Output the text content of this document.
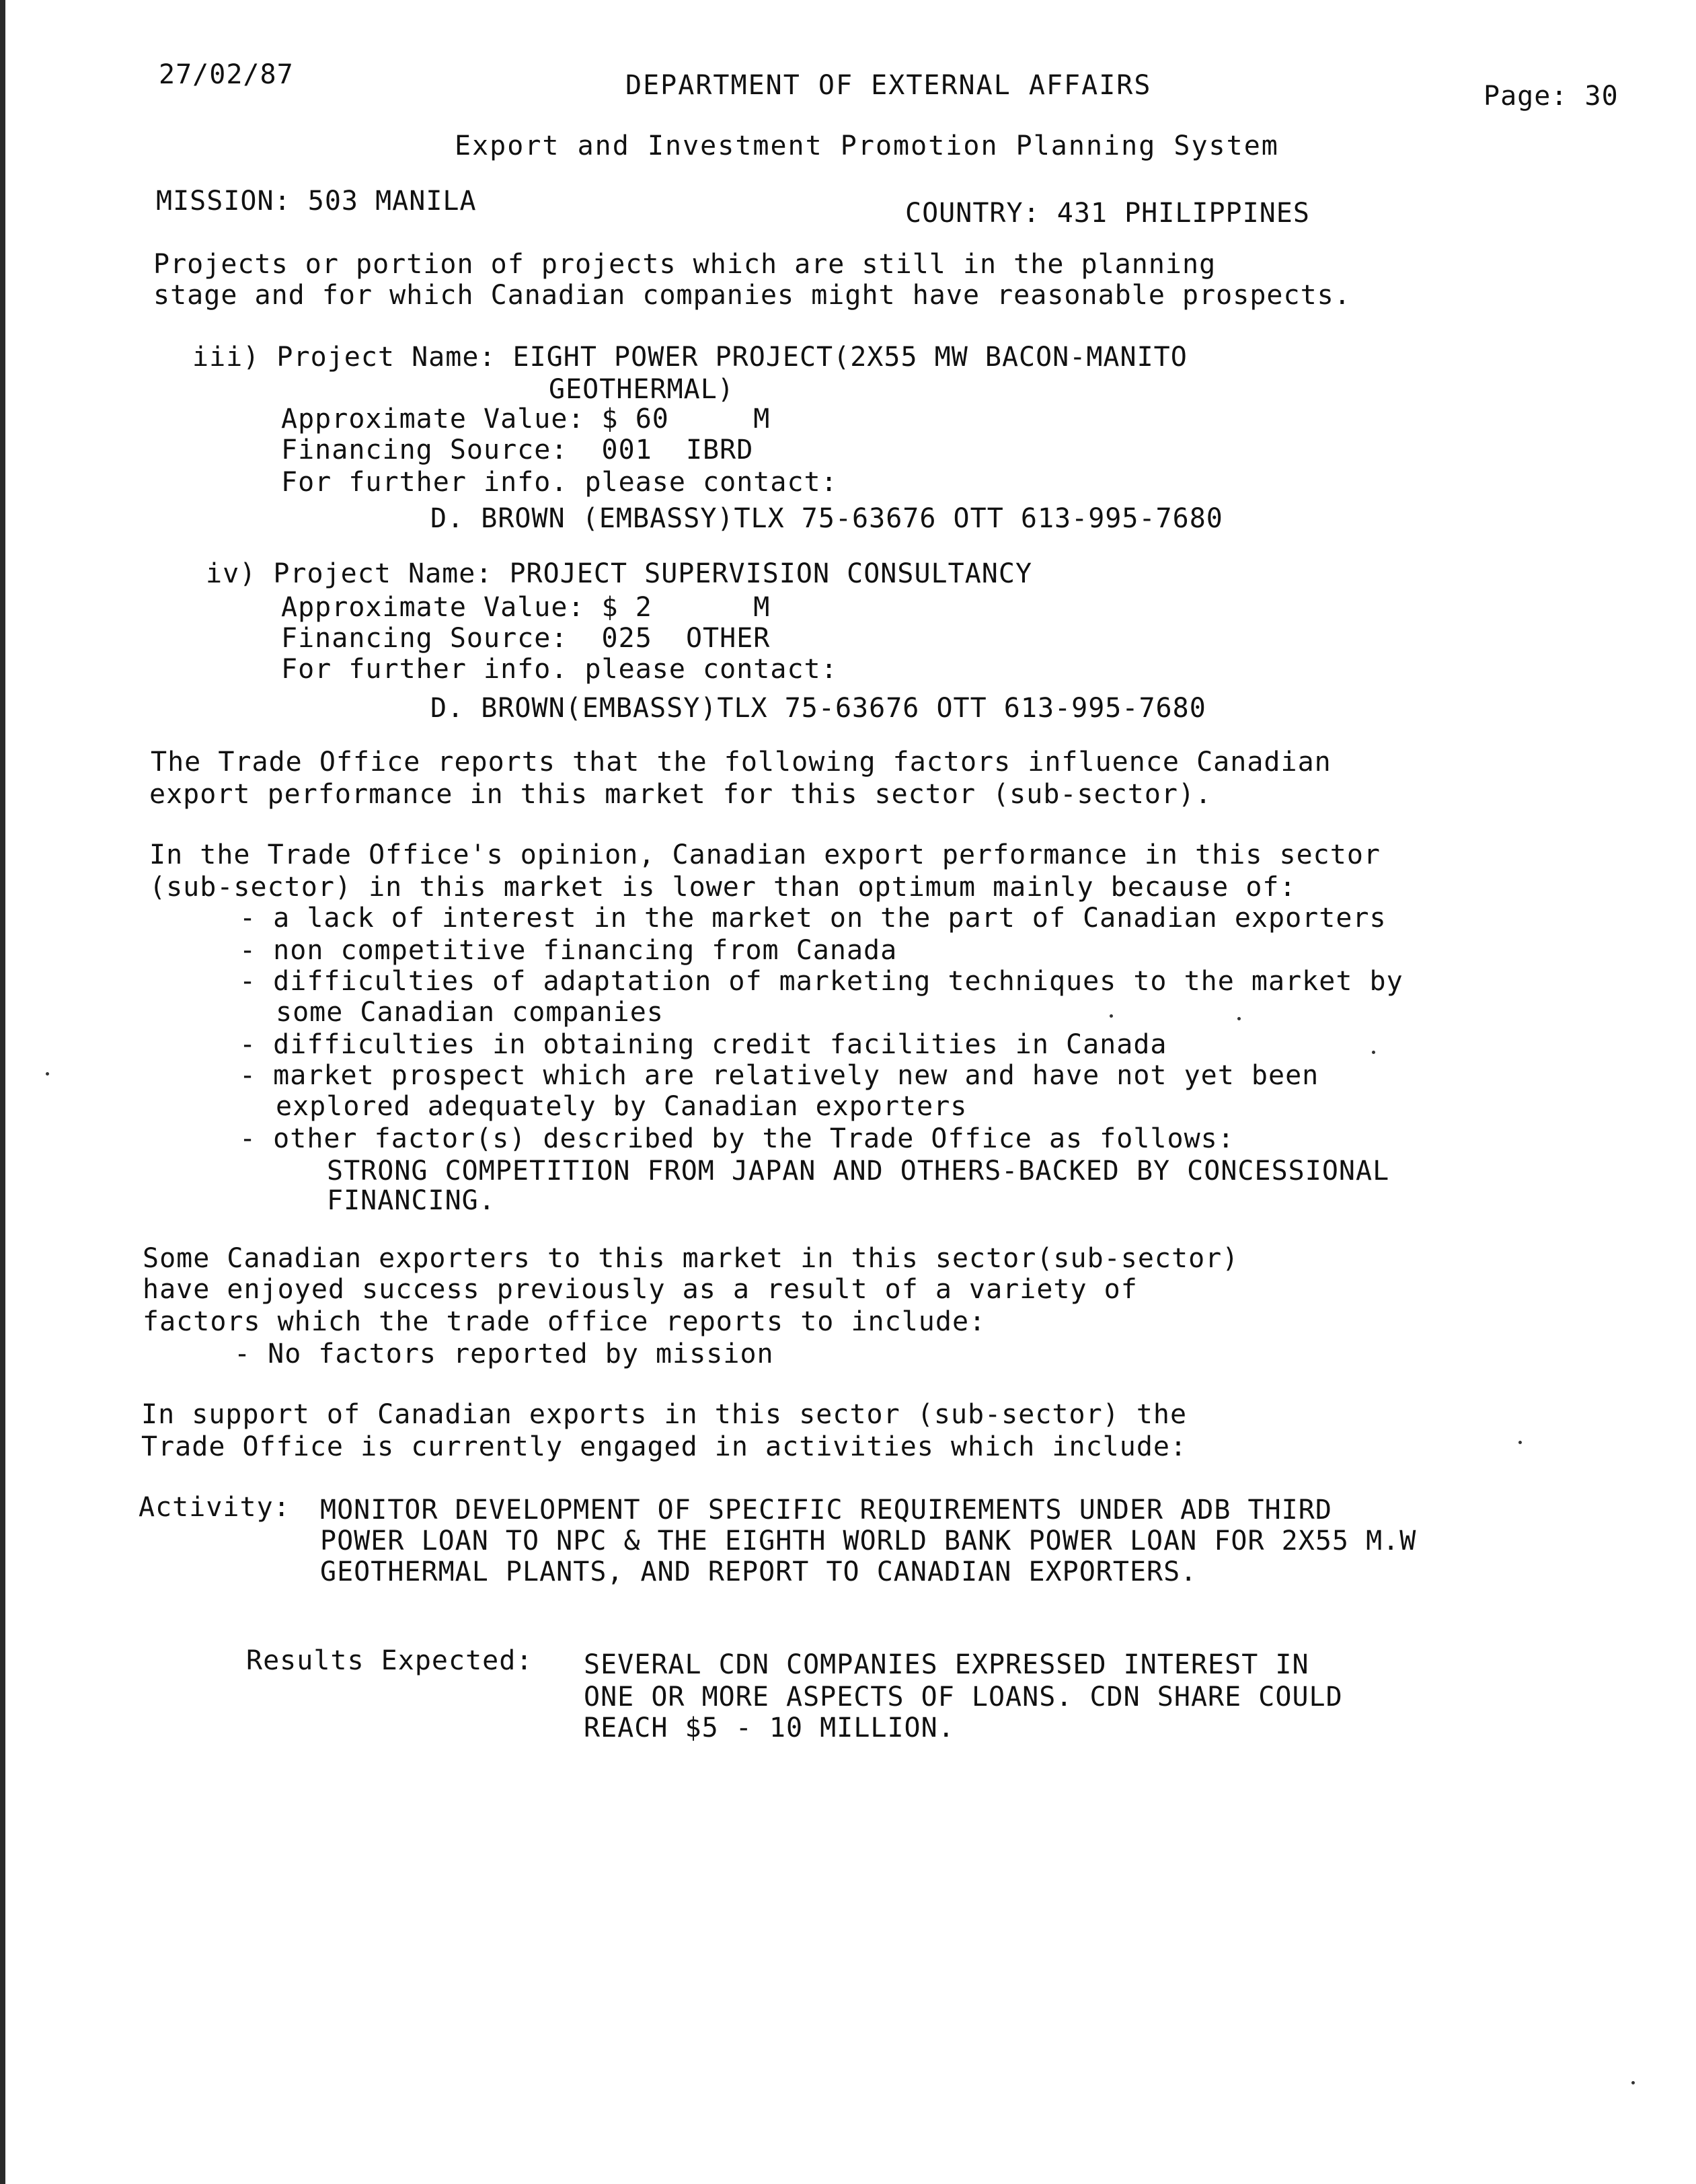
27/02/87	DEPARTMENT OF EXTERNAL AFFAIRS	Page: 30
Export and Investment Promotion Planning System
MISSION: 503 MANILA	COUNTRY: 431 PHILIPPINES
Projects or portion of projects which are still in the planning
stage and for which Canadian companies might have reasonable prospects.
iii) Project Name: EIGHT POWER PROJECT(2X55 MW BACON-MANITO
GEOTHERMAL)
Approximate Value: $ 60     M
Financing Source:  001  IBRD
For further info. please contact:
D. BROWN (EMBASSY)TLX 75-63676 OTT 613-995-7680
iv) Project Name: PROJECT SUPERVISION CONSULTANCY
Approximate Value: $ 2      M
Financing Source:  025  OTHER
For further info. please contact:
D. BROWN(EMBASSY)TLX 75-63676 OTT 613-995-7680
The Trade Office reports that the following factors influence Canadian
export performance in this market for this sector (sub-sector).
In the Trade Office's opinion, Canadian export performance in this sector
(sub-sector) in this market is lower than optimum mainly because of:
- a lack of interest in the market on the part of Canadian exporters
- non competitive financing from Canada
- difficulties of adaptation of marketing techniques to the market by
some Canadian companies
- difficulties in obtaining credit facilities in Canada
- market prospect which are relatively new and have not yet been
explored adequately by Canadian exporters
- other factor(s) described by the Trade Office as follows:
STRONG COMPETITION FROM JAPAN AND OTHERS-BACKED BY CONCESSIONAL
FINANCING.
Some Canadian exporters to this market in this sector(sub-sector)
have enjoyed success previously as a result of a variety of
factors which the trade office reports to include:
- No factors reported by mission
In support of Canadian exports in this sector (sub-sector) the
Trade Office is currently engaged in activities which include:
Activity: MONITOR DEVELOPMENT OF SPECIFIC REQUIREMENTS UNDER ADB THIRD
POWER LOAN TO NPC & THE EIGHTH WORLD BANK POWER LOAN FOR 2X55 M.W
GEOTHERMAL PLANTS, AND REPORT TO CANADIAN EXPORTERS.
Results Expected: SEVERAL CDN COMPANIES EXPRESSED INTEREST IN
ONE OR MORE ASPECTS OF LOANS. CDN SHARE COULD
REACH $5 - 10 MILLION.
